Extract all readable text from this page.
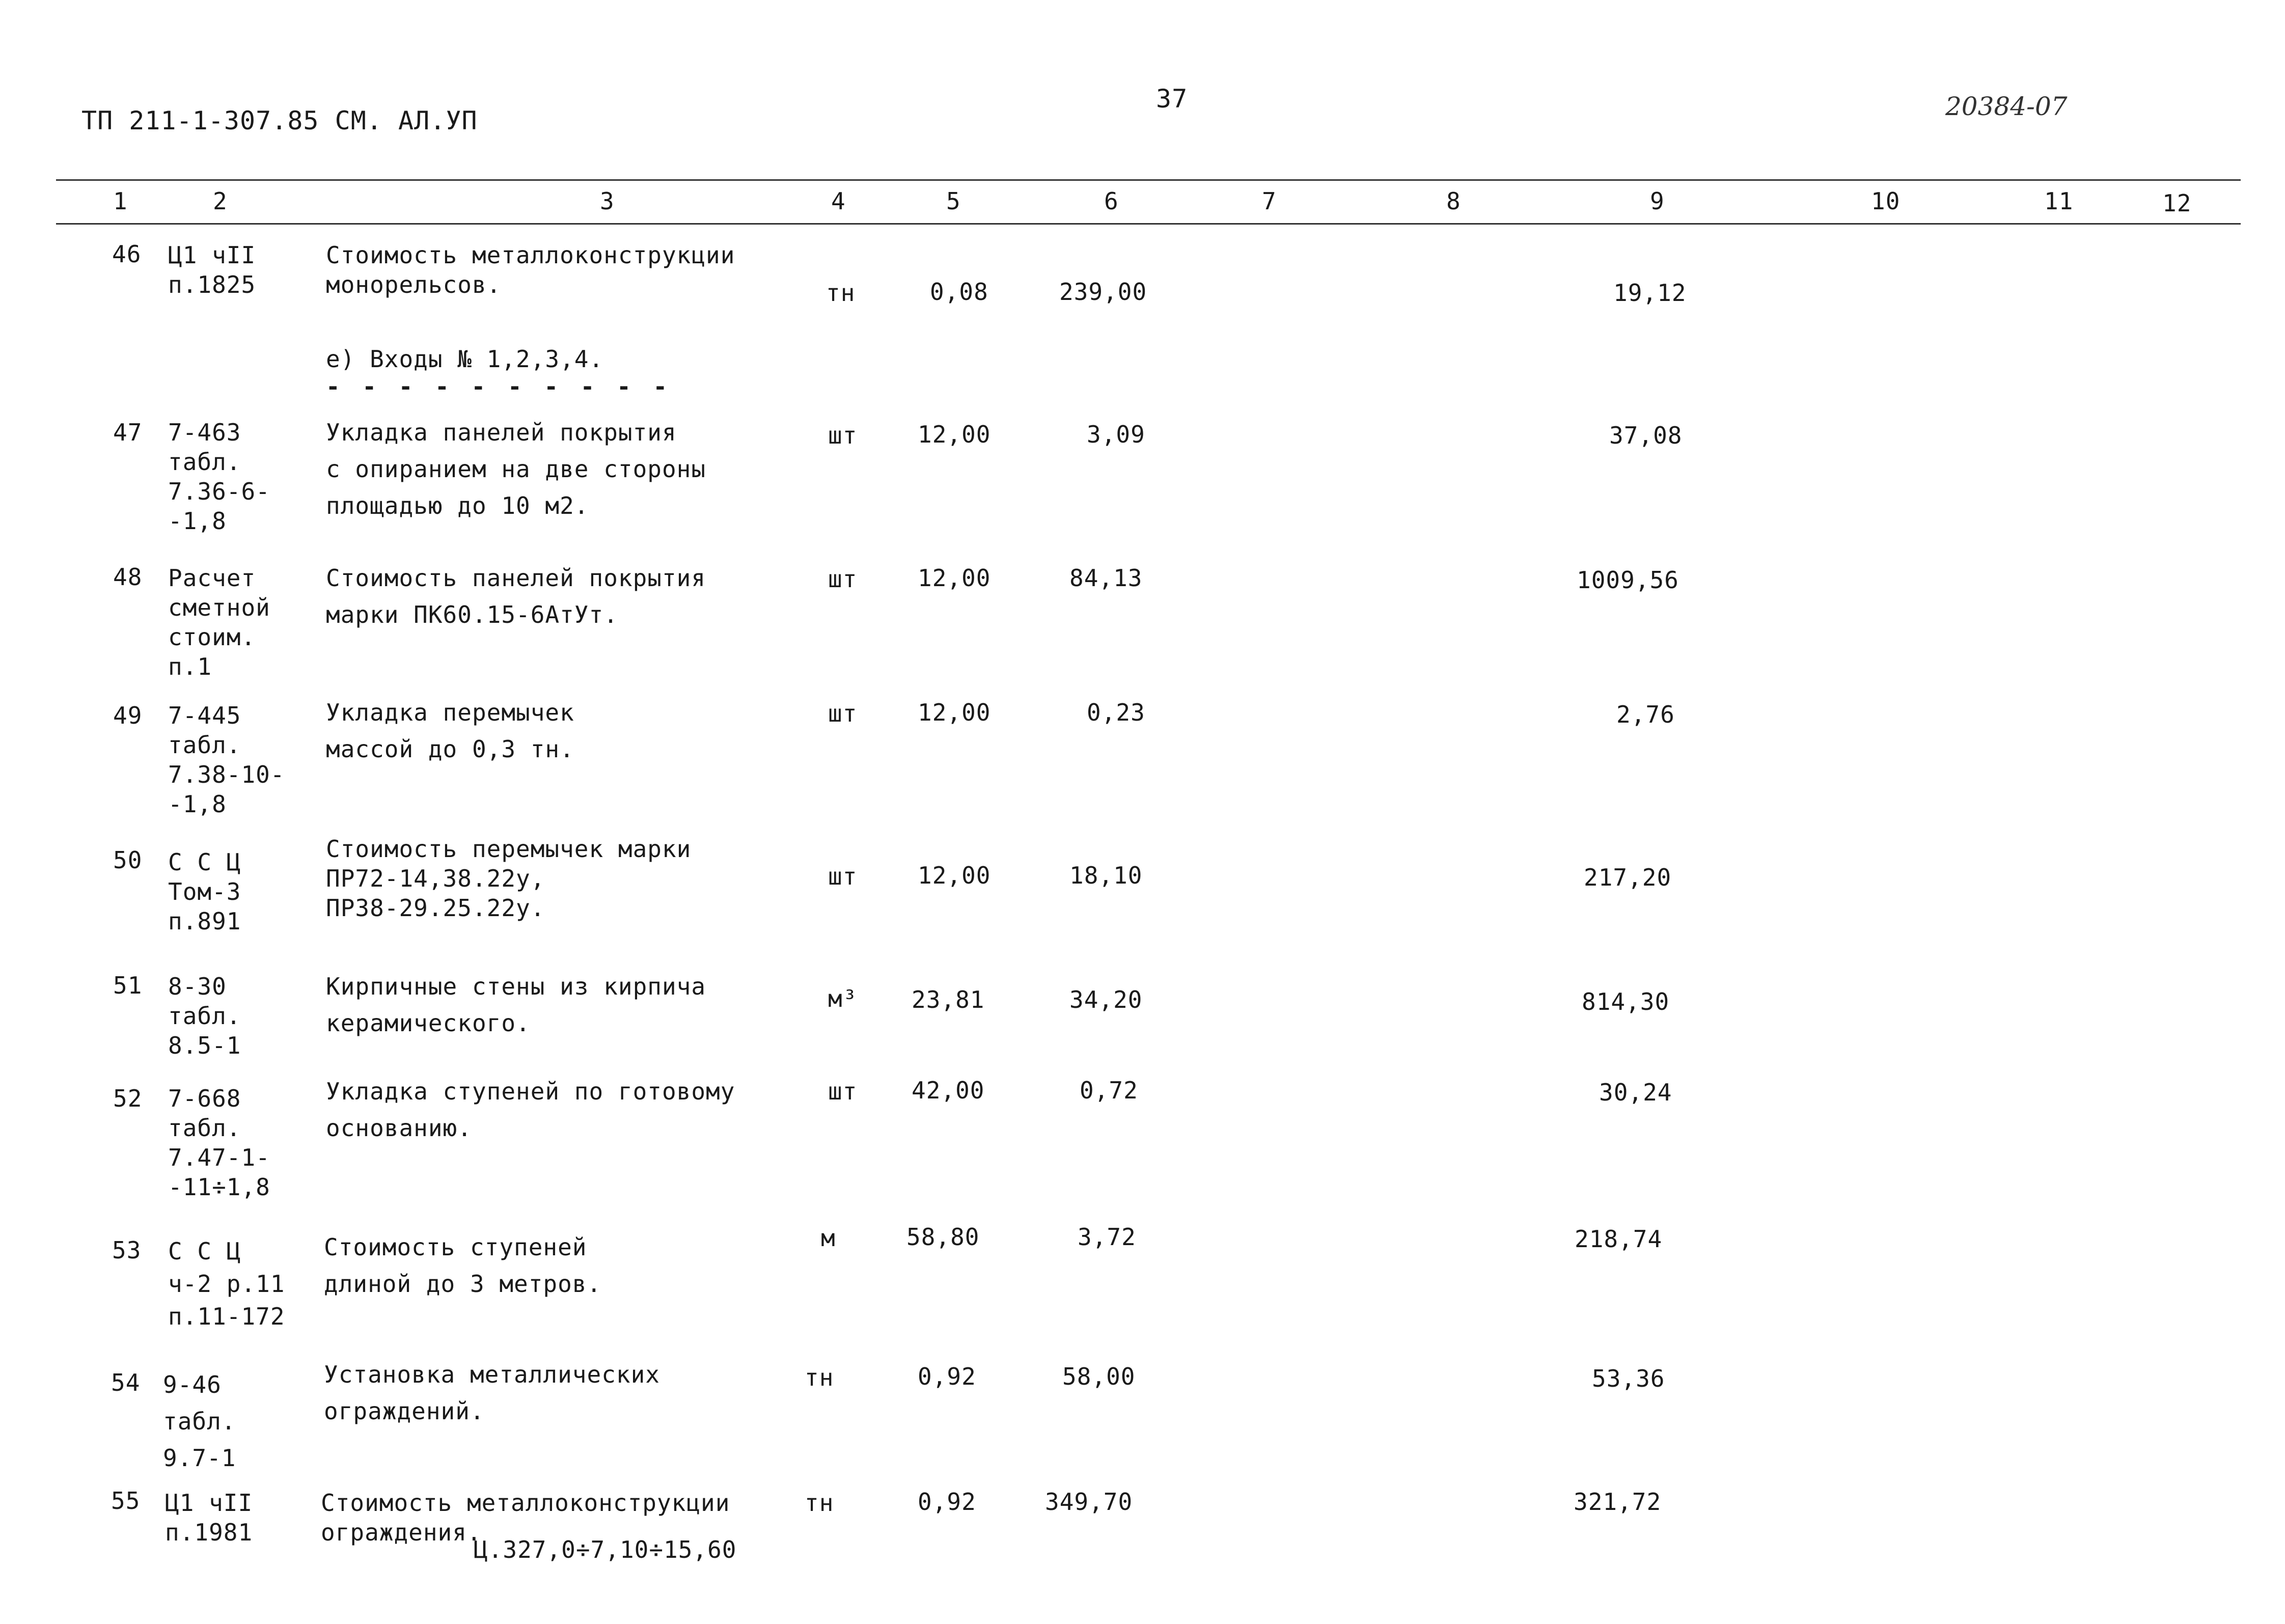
ТП 211-1-307.85 СМ. АЛ.УП
37	20384-07
1	2	3	4	5	6	7	8	9	10	11	12
46 Ц1 чII
п.1825
Стоимость металлоконструкции
монорельсов.	тн	0,08	239,00	19,12
е) Входы № 1,2,3,4.
- - - - - - - - - -
47 7-463
табл.
7.36-6-
-1,8
Укладка панелей покрытия
с опиранием на две стороны
площадью до 10 м2.
шт	12,00	3,09	37,08
48 Расчет
сметной
стоим.
п.1
Стоимость панелей покрытия
марки ПК60.15-6АтУт.
шт	12,00	84,13	1009,56
49 7-445
табл.
7.38-10-
-1,8
Укладка перемычек
массой до 0,3 тн.
шт	12,00	0,23	2,76
50 С С Ц
Том-3
п.891
Стоимость перемычек марки
ПР72-14,38.22у,
ПР38-29.25.22у.
шт	12,00	18,10	217,20
51 8-30
табл.
8.5-1
Кирпичные стены из кирпича
керамического.
м³ 23,81	34,20	814,30
52 7-668
табл.
7.47-1-
-11÷1,8
Укладка ступеней по готовому
основанию.
шт 42,00	0,72	30,24
53 С С Ц
ч-2 р.11
п.11-172
Стоимость ступеней
длиной до 3 метров.
м	58,80	3,72	218,74
54 9-46
табл.
9.7-1
Установка металлических
ограждений.
тн	0,92	58,00	53,36
55 Ц1 чII
п.1981
Стоимость металлоконструкции
ограждения.
тн	0,92	349,70	321,72
Ц.327,0÷7,10÷15,60
